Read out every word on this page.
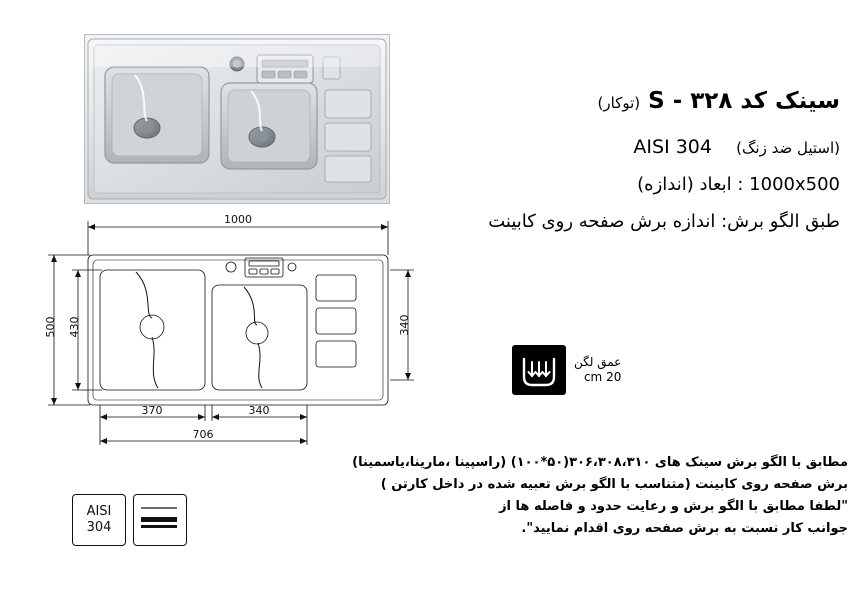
1000
500 430	340
370	340
706
سینک کد S - ۳۲۸ (توکار)
(استیل ضد زنگ)    AISI 304
1000x500 : ابعاد (اندازه)
طبق الگو برش: اندازه برش صفحه روی کابینت
عمق لگن
20 cm
مطابق با الگو برش سینک های ۳۰۶،۳۰۸،۳۱۰(۵۰*۱۰۰) (راسپینا ،مارینا،یاسمینا)
برش صفحه روی کابینت (متناسب با الگو برش تعبیه شده در داخل کارتن )
"لطفا مطابق با الگو برش و رعایت حدود و فاصله ها از
جوانب کار نسبت به برش صفحه روی اقدام نمایید".
AISI
304
